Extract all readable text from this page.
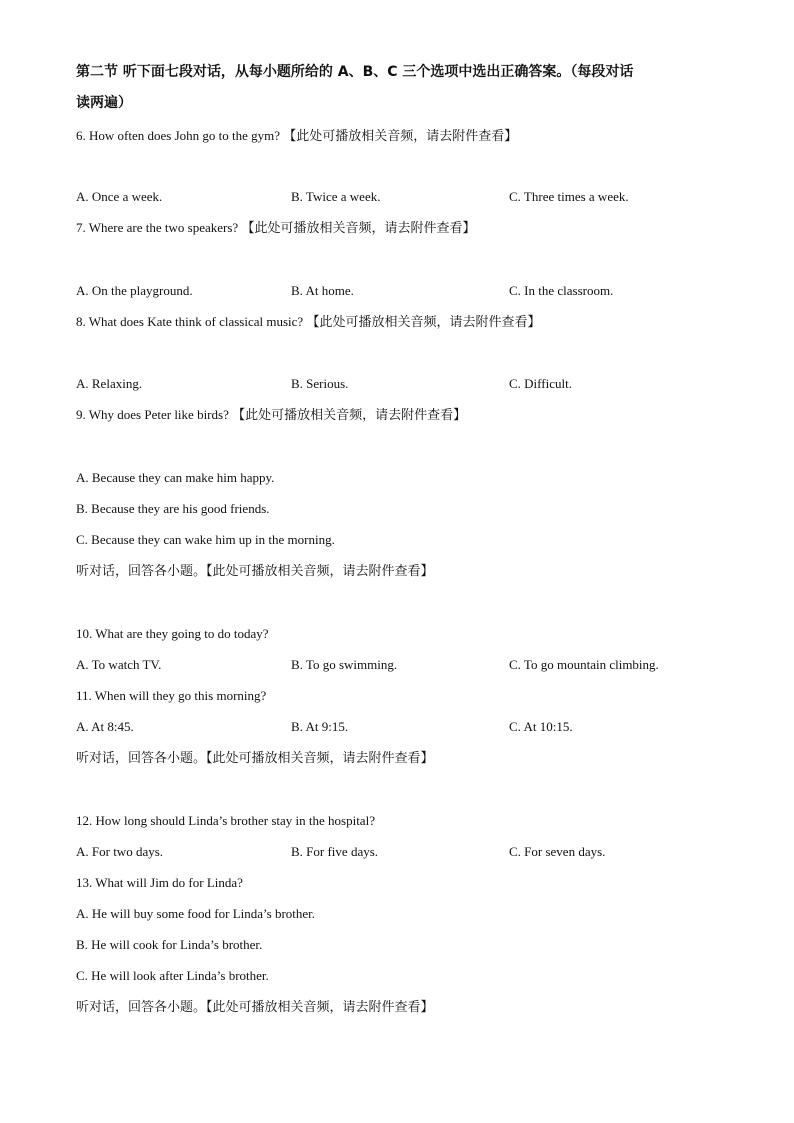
第二节 听下面七段对话，从每小题所给的 A、B、C 三个选项中选出正确答案。（每段对话
读两遍）
6. How often does John go to the gym? 【此处可播放相关音频，请去附件查看】
A. Once a week.	B. Twice a week.	C. Three times a week.
7. Where are the two speakers? 【此处可播放相关音频，请去附件查看】
A. On the playground.	B. At home.	C. In the classroom.
8. What does Kate think of classical music? 【此处可播放相关音频，请去附件查看】
A. Relaxing.	B. Serious.	C. Difficult.
9. Why does Peter like birds? 【此处可播放相关音频，请去附件查看】
A. Because they can make him happy.
B. Because they are his good friends.
C. Because they can wake him up in the morning.
听对话，回答各小题。【此处可播放相关音频，请去附件查看】
10. What are they going to do today?
A. To watch TV.	B. To go swimming.	C. To go mountain climbing.
11. When will they go this morning?
A. At 8:45.	B. At 9:15.	C. At 10:15.
听对话，回答各小题。【此处可播放相关音频，请去附件查看】
12. How long should Linda’s brother stay in the hospital?
A. For two days.	B. For five days.	C. For seven days.
13. What will Jim do for Linda?
A. He will buy some food for Linda’s brother.
B. He will cook for Linda’s brother.
C. He will look after Linda’s brother.
听对话，回答各小题。【此处可播放相关音频，请去附件查看】
